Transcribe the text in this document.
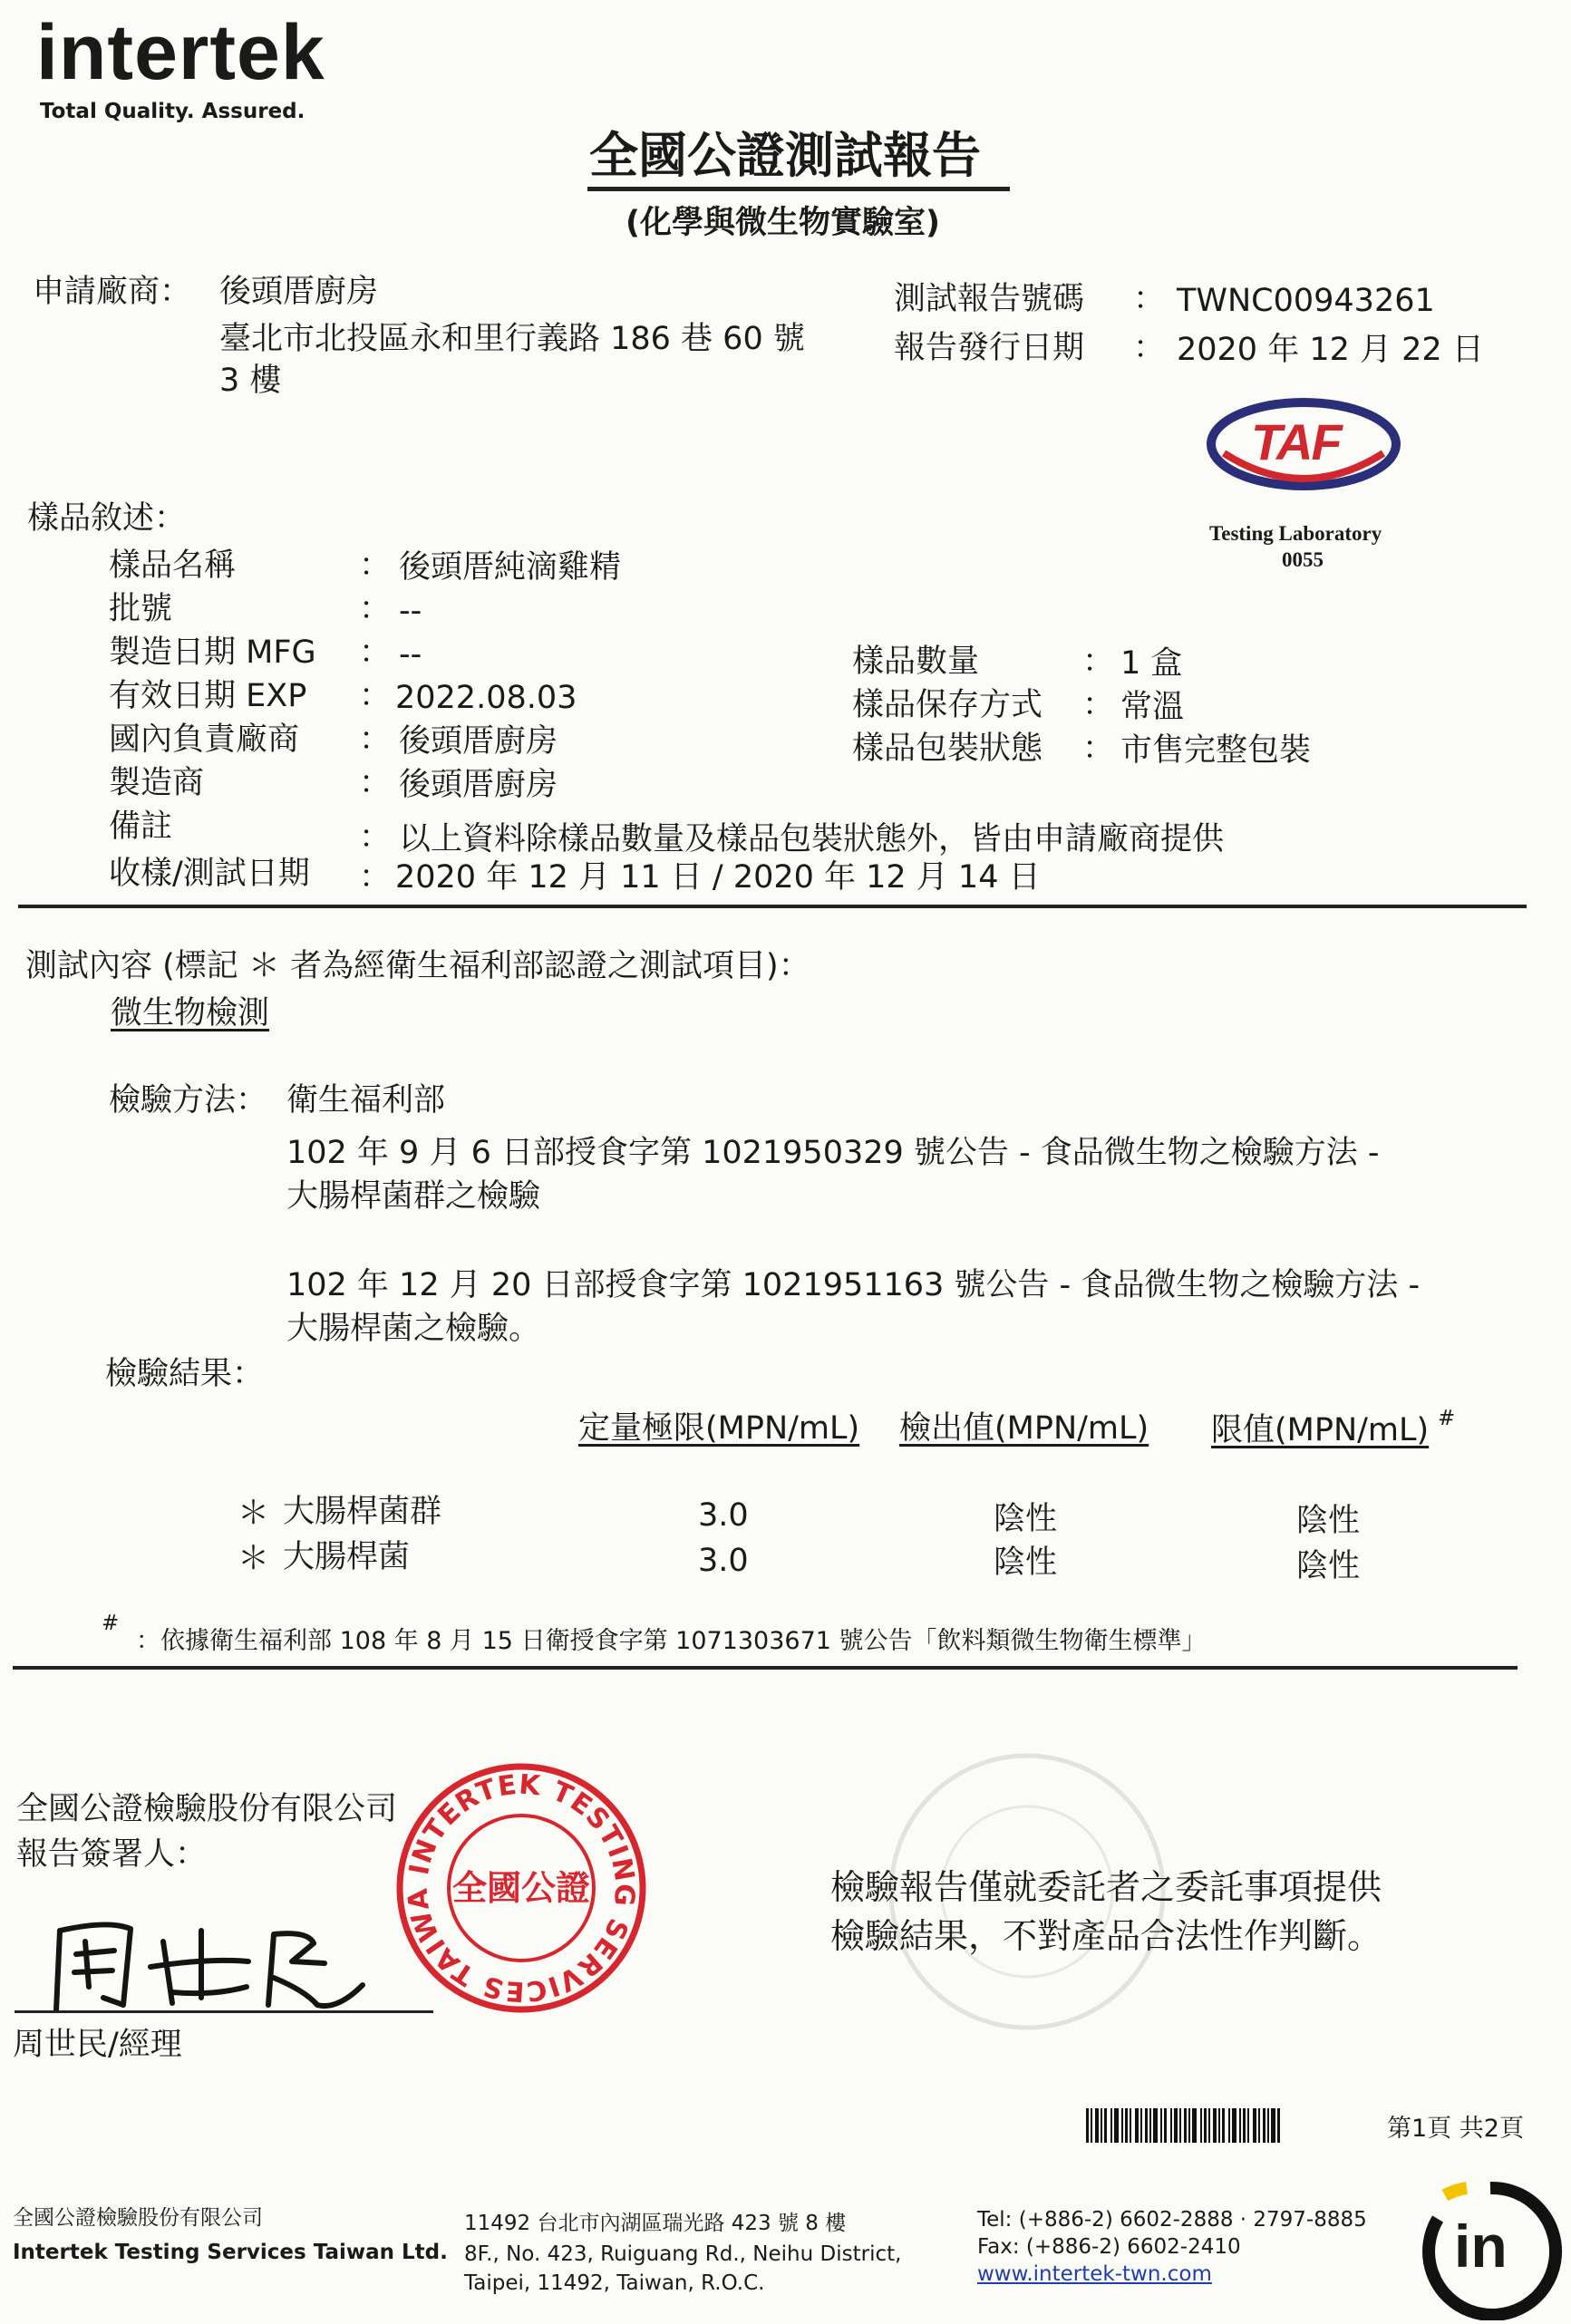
intertek
Total Quality. Assured.
全國公證測試報告
(化學與微生物實驗室)
申請廠商： 後頭厝廚房
臺北市北投區永和里行義路 186 巷 60 號
3 樓
測試報告號碼 ： TWNC00943261
報告發行日期 ： 2020 年 12 月 22 日
TAF
Testing Laboratory
0055
樣品敘述：
樣品名稱	： 後頭厝純滴雞精
批號	： --
製造日期 MFG ： --
有效日期 EXP ： 2022.08.03
國內負責廠商 ： 後頭厝廚房
製造商	： 後頭厝廚房
備註	： 以上資料除樣品數量及樣品包裝狀態外，皆由申請廠商提供
收樣/測試日期 ： 2020 年 12 月 11 日 / 2020 年 12 月 14 日
樣品數量	： 1 盒
樣品保存方式 ： 常溫
樣品包裝狀態 ： 市售完整包裝
測試內容 (標記 ＊ 者為經衛生福利部認證之測試項目)：
微生物檢測
檢驗方法： 衛生福利部
102 年 9 月 6 日部授食字第 1021950329 號公告 - 食品微生物之檢驗方法 -
大腸桿菌群之檢驗
102 年 12 月 20 日部授食字第 1021951163 號公告 - 食品微生物之檢驗方法 -
大腸桿菌之檢驗。
檢驗結果：
定量極限(MPN/mL) 檢出值(MPN/mL) 限值(MPN/mL) #
＊ 大腸桿菌群	3.0	陰性	陰性
＊ 大腸桿菌	3.0	陰性	陰性
#
：依據衛生福利部 108 年 8 月 15 日衛授食字第 1071303671 號公告「飲料類微生物衛生標準」
全國公證檢驗股份有限公司
報告簽署人：
周世民/經理
INTERTEK TESTING SERVICES TAIWA 全國公證	檢驗報告僅就委託者之委託事項提供
檢驗結果，不對產品合法性作判斷。
第1頁 共2頁
全國公證檢驗股份有限公司
Intertek Testing Services Taiwan Ltd.
11492 台北市內湖區瑞光路 423 號 8 樓
8F., No. 423, Ruiguang Rd., Neihu District,
Taipei, 11492, Taiwan, R.O.C.
Tel: (+886-2) 6602-2888 · 2797-8885
Fax: (+886-2) 6602-2410
www.intertek-twn.com	in
